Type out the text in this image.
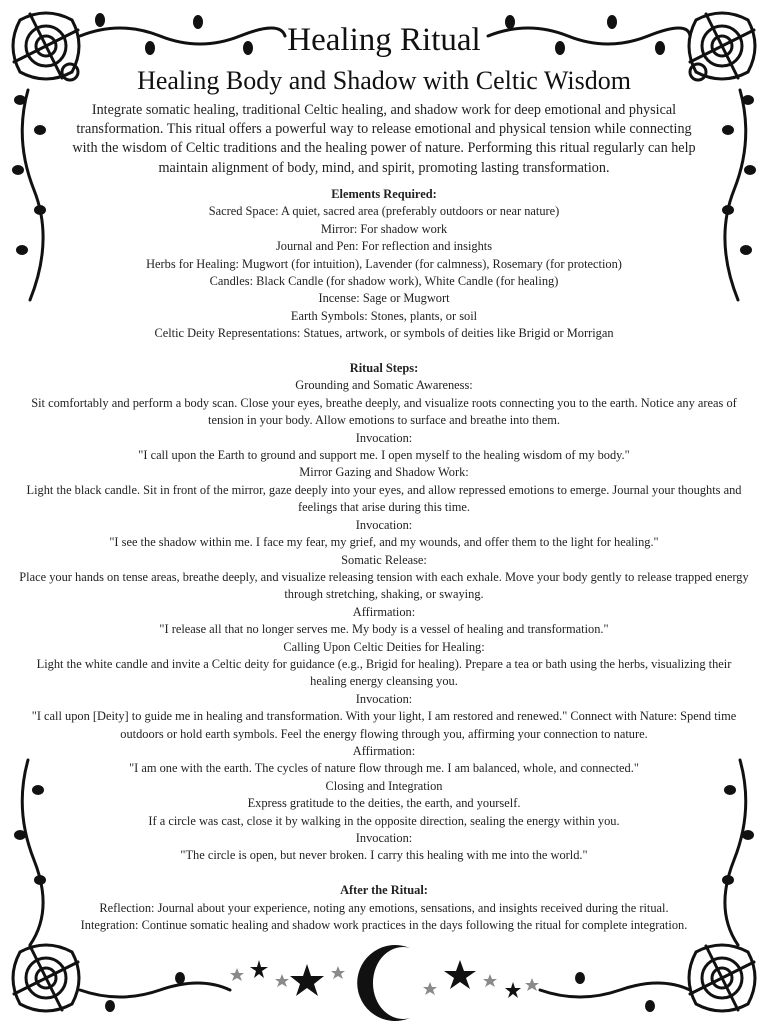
Healing Ritual
Healing Body and Shadow with Celtic Wisdom
Integrate somatic healing, traditional Celtic healing, and shadow work for deep emotional and physical transformation. This ritual offers a powerful way to release emotional and physical tension while connecting with the wisdom of Celtic traditions and the healing power of nature. Performing this ritual regularly can help maintain alignment of body, mind, and spirit, promoting lasting transformation.
Elements Required:
Sacred Space: A quiet, sacred area (preferably outdoors or near nature)
Mirror: For shadow work
Journal and Pen: For reflection and insights
Herbs for Healing: Mugwort (for intuition), Lavender (for calmness), Rosemary (for protection)
Candles: Black Candle (for shadow work), White Candle (for healing)
Incense: Sage or Mugwort
Earth Symbols: Stones, plants, or soil
Celtic Deity Representations: Statues, artwork, or symbols of deities like Brigid or Morrigan
Ritual Steps:
Grounding and Somatic Awareness:
Sit comfortably and perform a body scan. Close your eyes, breathe deeply, and visualize roots connecting you to the earth. Notice any areas of tension in your body. Allow emotions to surface and breathe into them.
Invocation:
"I call upon the Earth to ground and support me. I open myself to the healing wisdom of my body."
Mirror Gazing and Shadow Work:
Light the black candle. Sit in front of the mirror, gaze deeply into your eyes, and allow repressed emotions to emerge. Journal your thoughts and feelings that arise during this time.
Invocation:
"I see the shadow within me. I face my fear, my grief, and my wounds, and offer them to the light for healing."
Somatic Release:
Place your hands on tense areas, breathe deeply, and visualize releasing tension with each exhale. Move your body gently to release trapped energy through stretching, shaking, or swaying.
Affirmation:
"I release all that no longer serves me. My body is a vessel of healing and transformation."
Calling Upon Celtic Deities for Healing:
Light the white candle and invite a Celtic deity for guidance (e.g., Brigid for healing). Prepare a tea or bath using the herbs, visualizing their healing energy cleansing you.
Invocation:
"I call upon [Deity] to guide me in healing and transformation. With your light, I am restored and renewed." Connect with Nature: Spend time outdoors or hold earth symbols. Feel the energy flowing through you, affirming your connection to nature.
Affirmation:
"I am one with the earth. The cycles of nature flow through me. I am balanced, whole, and connected."
Closing and Integration
Express gratitude to the deities, the earth, and yourself.
If a circle was cast, close it by walking in the opposite direction, sealing the energy within you.
Invocation:
"The circle is open, but never broken. I carry this healing with me into the world."
After the Ritual:
Reflection: Journal about your experience, noting any emotions, sensations, and insights received during the ritual.
Integration: Continue somatic healing and shadow work practices in the days following the ritual for complete integration.
